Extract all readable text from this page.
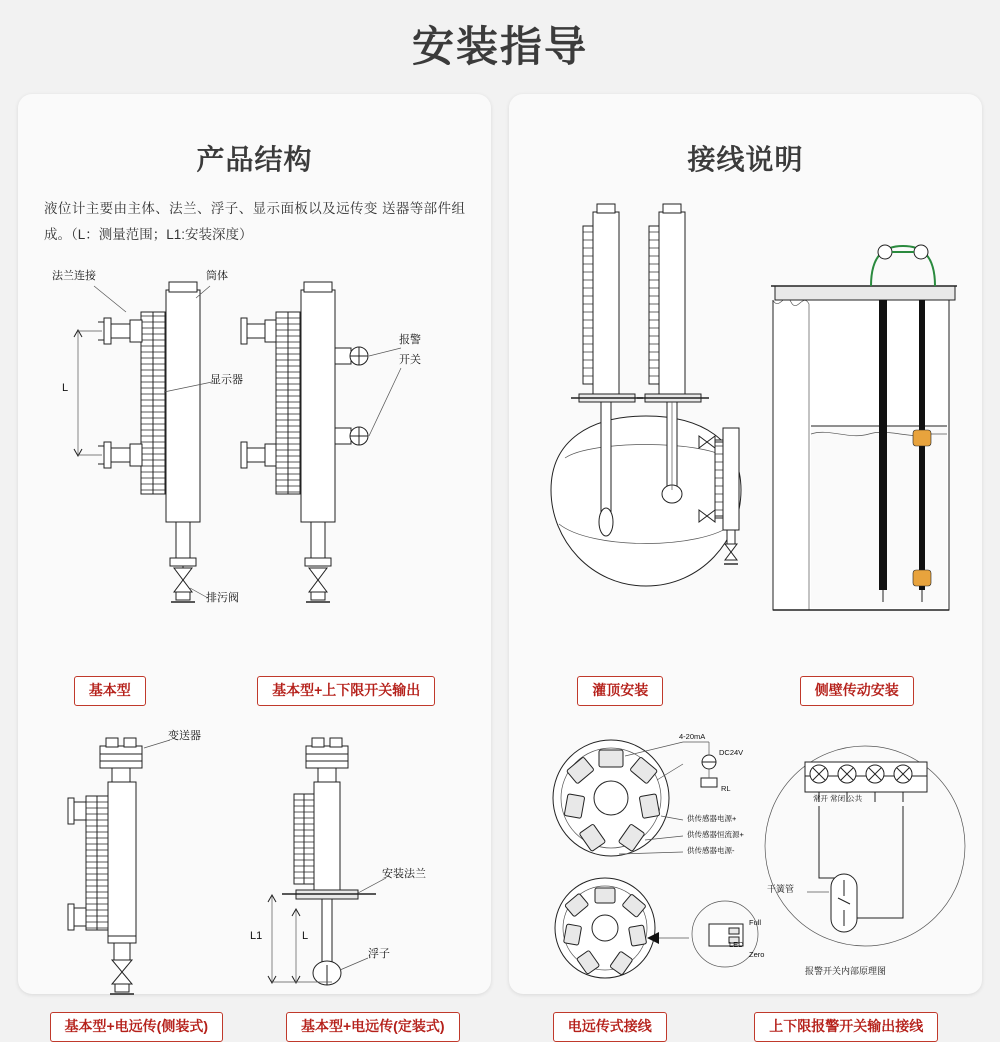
安装指导
产品结构
液位计主要由主体、法兰、浮子、显示面板以及远传变 送器等部件组成。（L：测量范围；L1:安装深度）
法兰连接	筒体
显示器
排污阀
L
报警
开关
基本型	基本型+上下限开关输出
变送器
安装法兰
浮子
L1	L
基本型+电远传(侧装式)	基本型+电远传(定装式)
接线说明
灌顶安装	侧壁传动安装
4-20mA
DC24V
RL
供传感器电源+
供传感器恒流源+
供传感器电源-
LED
Full
Zero
常开 常闭 公共
干簧管
报警开关内部原理图
电远传式接线	上下限报警开关输出接线
